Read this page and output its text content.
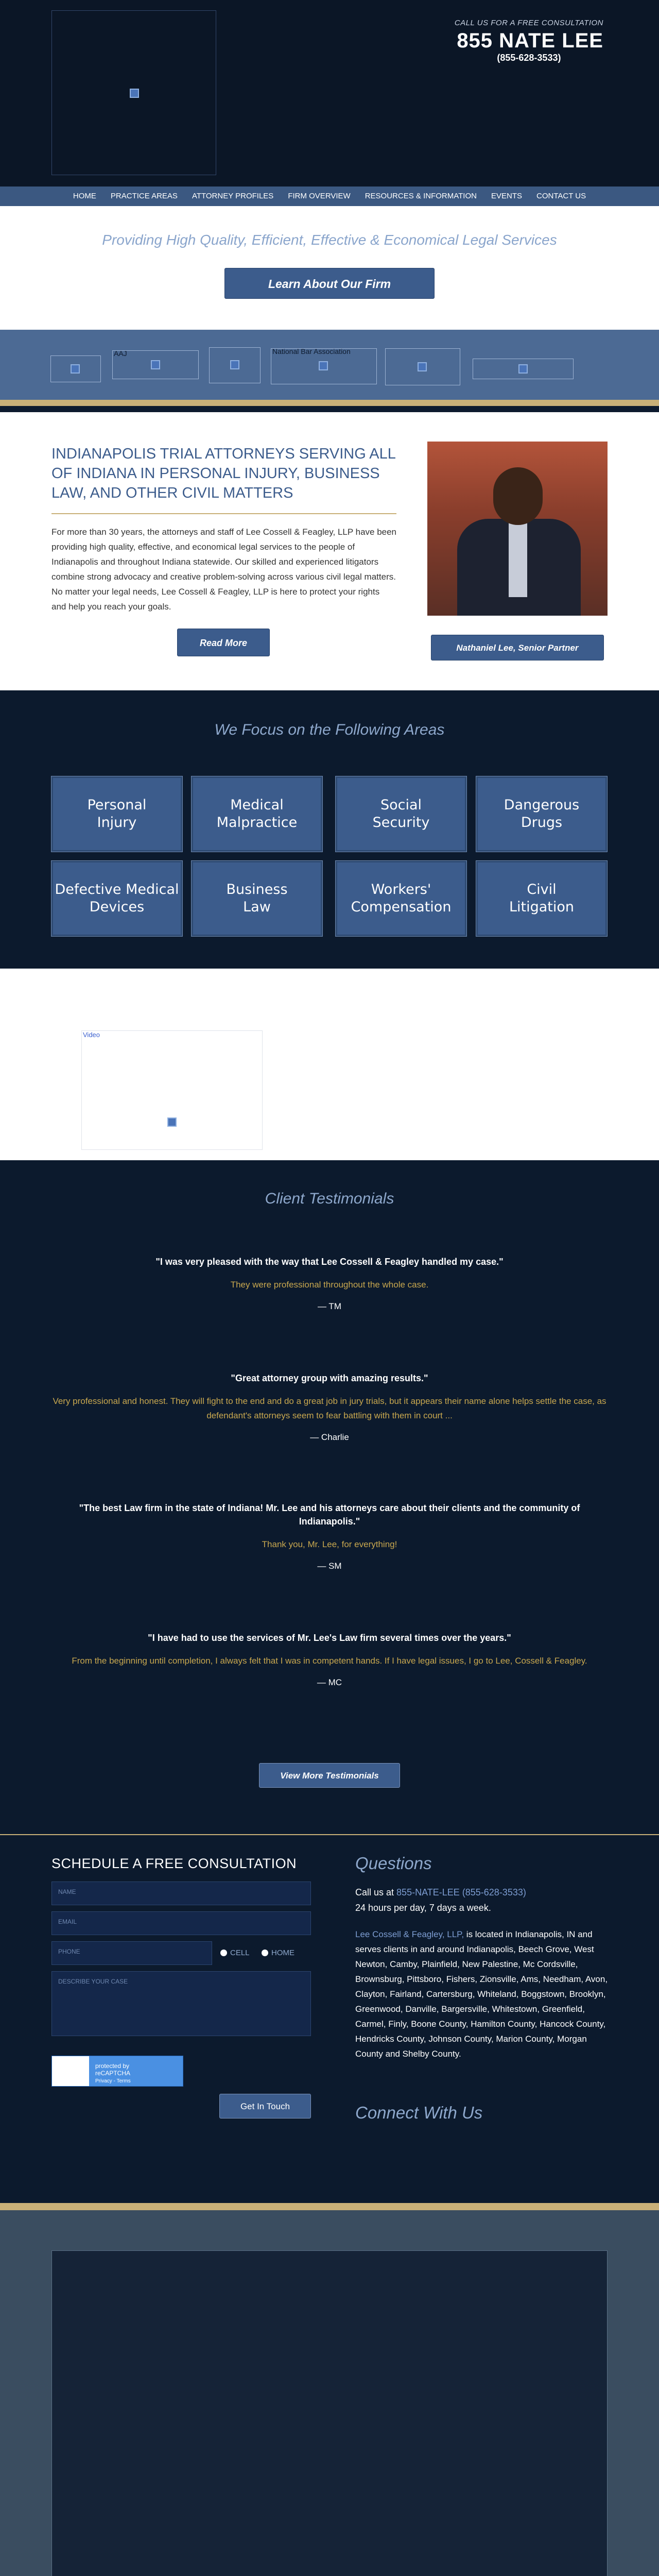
CALL US FOR A FREE CONSULTATION
855 NATE LEE
(855-628-3533)
HOME	PRACTICE AREAS	ATTORNEY PROFILES	FIRM OVERVIEW	RESOURCES & INFORMATION	EVENTS	CONTACT US
Providing High Quality, Efficient, Effective & Economical Legal Services
Learn About Our Firm
AAJ	National Bar Association
INDIANAPOLIS TRIAL ATTORNEYS SERVING ALL OF INDIANA IN PERSONAL INJURY, BUSINESS LAW, AND OTHER CIVIL MATTERS

For more than 30 years, the attorneys and staff of Lee Cossell & Feagley, LLP have been providing high quality, effective, and economical legal services to the people of Indianapolis and throughout Indiana statewide. Our skilled and experienced litigators combine strong advocacy and creative problem-solving across various civil legal matters. No matter your legal needs, Lee Cossell & Feagley, LLP is here to protect your rights and help you reach your goals.

Read More	Nathaniel Lee, Senior Partner
We Focus on the Following Areas
Personal
Injury
Medical
Malpractice
Social
Security
Dangerous
Drugs
Defective Medical
Devices
Business
Law
Workers'
Compensation
Civil
Litigation
Video
Client Testimonials
"I was very pleased with the way that Lee Cossell & Feagley handled my case."
They were professional throughout the whole case.
— TM
"Great attorney group with amazing results."
Very professional and honest. They will fight to the end and do a great job in jury trials, but it appears their name alone helps settle the case, as defendant's attorneys seem to fear battling with them in court ...
— Charlie
"The best Law firm in the state of Indiana! Mr. Lee and his attorneys care about their clients and the community of Indianapolis."
Thank you, Mr. Lee, for everything!
— SM
"I have had to use the services of Mr. Lee's Law firm several times over the years."
From the beginning until completion, I always felt that I was in competent hands. If I have legal issues, I go to Lee, Cossell & Feagley.
— MC
View More Testimonials
SCHEDULE A FREE CONSULTATION
NAME
EMAIL
PHONE	CELL	HOME
DESCRIBE YOUR CASE
protected by
reCAPTCHA
Privacy - Terms
Get In Touch
Questions
Call us at 855-NATE-LEE (855-628-3533)
24 hours per day, 7 days a week.
Lee Cossell & Feagley, LLP, is located in Indianapolis, IN and serves clients in and around Indianapolis, Beech Grove, West Newton, Camby, Plainfield, New Palestine, Mc Cordsville, Brownsburg, Pittsboro, Fishers, Zionsville, Ams, Needham, Avon, Clayton, Fairland, Cartersburg, Whiteland, Boggstown, Brooklyn, Greenwood, Danville, Bargersville, Whitestown, Greenfield, Carmel, Finly, Boone County, Hamilton County, Hancock County, Hendricks County, Johnson County, Marion County, Morgan County and Shelby County.
Connect With Us
